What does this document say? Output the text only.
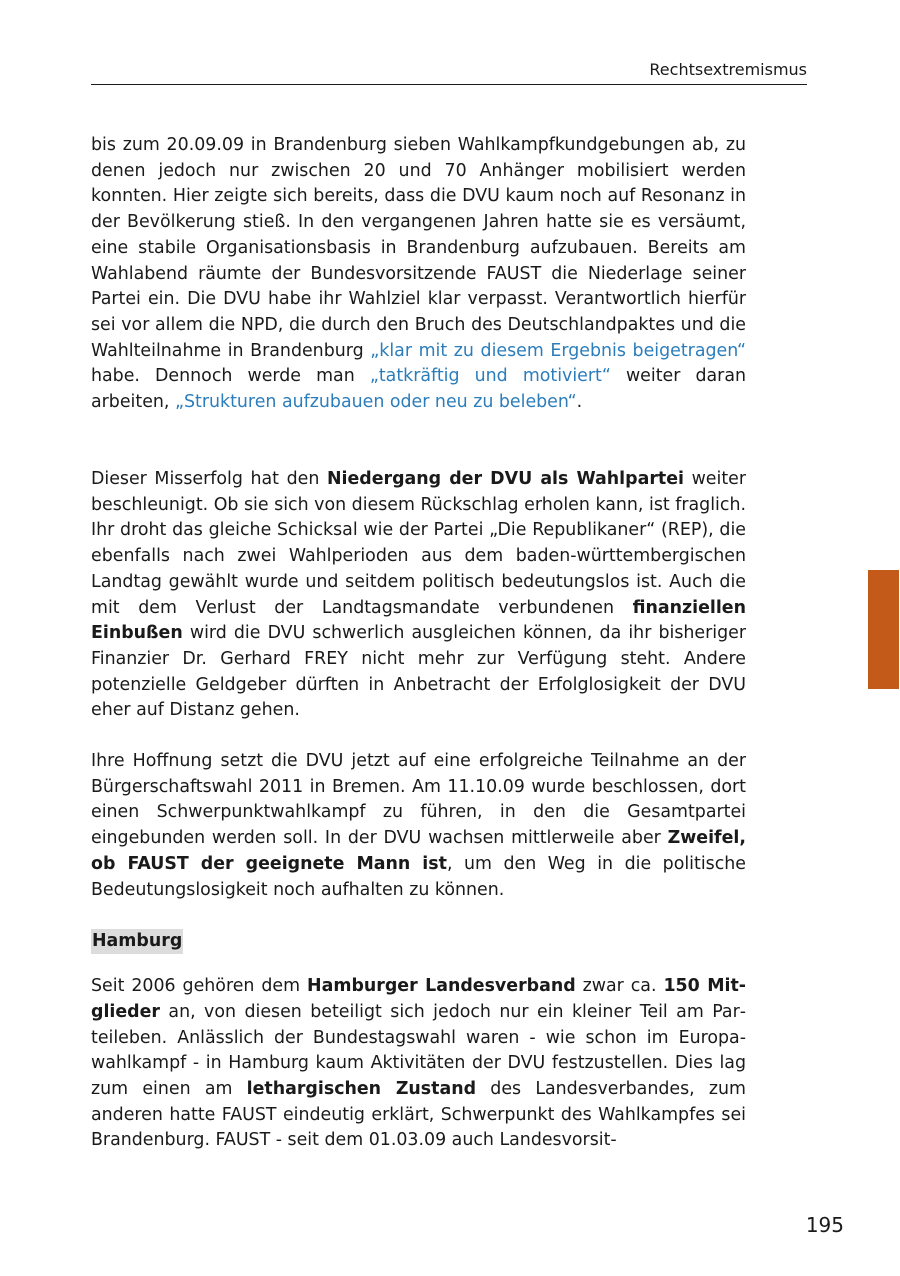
Rechtsextremismus

bis zum 20.09.09 in Brandenburg sieben Wahlkampfkundgebungen ab, zu denen jedoch nur zwischen 20 und 70 Anhänger mobilisiert werden konnten. Hier zeigte sich bereits, dass die DVU kaum noch auf Resonanz in der Bevölkerung stieß. In den vergangenen Jahren hatte sie es versäumt, eine stabile Organisationsbasis in Brandenburg aufzubauen. Bereits am Wahlabend räumte der Bundesvorsitzende FAUST die Niederlage seiner Partei ein. Die DVU habe ihr Wahlziel klar verpasst. Verantwortlich hierfür sei vor allem die NPD, die durch den Bruch des Deutschlandpaktes und die Wahlteilnahme in Brandenburg „klar mit zu diesem Ergebnis beigetragen“ habe. Dennoch werde man „tatkräftig und motiviert“ weiter daran arbeiten, „Strukturen aufzubauen oder neu zu beleben“.

Dieser Misserfolg hat den Niedergang der DVU als Wahlpartei weiter beschleunigt. Ob sie sich von diesem Rückschlag erholen kann, ist fraglich. Ihr droht das gleiche Schicksal wie der Partei „Die Republikaner“ (REP), die ebenfalls nach zwei Wahlperioden aus dem baden-württembergischen Landtag gewählt wurde und seitdem politisch bedeutungslos ist. Auch die mit dem Verlust der Landtagsmandate verbundenen finanziellen Einbußen wird die DVU schwerlich ausgleichen können, da ihr bisheriger Finanzier Dr. Gerhard FREY nicht mehr zur Verfügung steht. Andere potenzielle Geldgeber dürften in Anbetracht der Erfolglosigkeit der DVU eher auf Distanz gehen.

Ihre Hoffnung setzt die DVU jetzt auf eine erfolgreiche Teilnahme an der Bürgerschaftswahl 2011 in Bremen. Am 11.10.09 wurde beschlossen, dort einen Schwerpunktwahlkampf zu führen, in den die Gesamtpartei eingebunden werden soll. In der DVU wachsen mittlerweile aber Zweifel, ob FAUST der geeignete Mann ist, um den Weg in die politische Bedeutungslosigkeit noch aufhalten zu können.

Hamburg

Seit 2006 gehören dem Hamburger Landesverband zwar ca. 150 Mitglieder an, von diesen beteiligt sich jedoch nur ein kleiner Teil am Parteileben. Anlässlich der Bundestagswahl waren - wie schon im Europawahlkampf - in Hamburg kaum Aktivitäten der DVU festzustellen. Dies lag zum einen am lethargischen Zustand des Landesverbandes, zum anderen hatte FAUST eindeutig erklärt, Schwerpunkt des Wahlkampfes sei Brandenburg. FAUST - seit dem 01.03.09 auch Landesvorsit-

195
